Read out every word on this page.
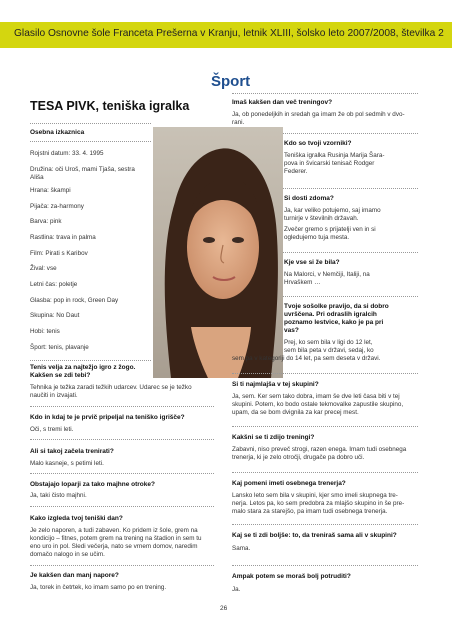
Glasilo Osnovne šole Franceta Prešerna v Kranju, letnik XLIII, šolsko leto 2007/2008, številka 2
Šport
TESA PIVK, teniška igralka
Osebna izkaznica
Rojstni datum: 33. 4. 1995
Družina: oči Uroš, mami Tjaša, sestra
Ališa
Hrana: škampi
Pijača: za-harmony
Barva: pink
Rastlina: trava in palma
Film: Pirati s Karibov
Žival: vse
Letni čas: poletje
Glasba: pop in rock, Green Day
Skupina: No Daut
Hobi: tenis
Šport: tenis, plavanje
Tenis velja za najtežjo igro z žogo.
Kakšen se zdi tebi?
Tehnika je težka zaradi težkih udarcev. Udarec se je težko
naučiti in izvajati.
Kdo in kdaj te je prvič pripeljal na teniško igrišče?
Oči, s tremi leti.
Ali si takoj začela trenirati?
Malo kasneje, s petimi leti.
Obstajajo loparji za tako majhne otroke?
Ja, taki čisto majhni.
Kako izgleda tvoj teniški dan?
Je zelo naporen, a tudi zabaven. Ko pridem iz šole, grem na
kondicijo – fitnes, potem grem na trening na štadion in sem tu
eno uro in pol. Sledi večerja, nato se vrnem domov, naredim
domačo nalogo in se učim.
Je kakšen dan manj napore?
Ja, torek in četrtek, ko imam samo po en trening.
Imaš kakšen dan več treningov?
Ja, ob ponedeljkih in sredah ga imam že ob pol sedmih v dvo-
rani.
Kdo so tvoji vzorniki?
Teniška igralka Rusinja Marija Šara-
pova in švicarski tenisač Rodger
Federer.
Si dosti zdoma?
Ja, kar veliko potujemo, saj imamo
turnirje v številnih državah.
Zvečer gremo s prijatelji ven in si
ogledujemo tuja mesta.
Kje vse si že bila?
Na Malorci, v Nemčiji, Italiji, na
Hrvaškem …
Tvoje sošolke pravijo, da si dobro
uvrščena. Pri odraslih igralcih
poznamo lestvice, kako je pa pri
vas?
Prej, ko sem bila v ligi do 12 let,
sem bila peta v državi, sedaj, ko
sem pa v kategoriji do 14 let, pa sem deseta v državi.
Si ti najmlajša v tej skupini?
Ja, sem. Ker sem tako dobra, imam še dve leti časa biti v tej
skupini. Potem, ko bodo ostale tekmovalke zapustile skupino,
upam, da se bom dvignila za kar precej mest.
Kakšni se ti zdijo treningi?
Zabavni, niso preveč strogi, razen enega. Imam tudi osebnega
trenerja, ki je zelo otročji, drugače pa dobro uči.
Kaj pomeni imeti osebnega trenerja?
Lansko leto sem bila v skupini, kjer smo imeli skupnega tre-
nerja. Letos pa, ko sem predobra za mlajšo skupino in še pre-
malo stara za starejšo, pa imam tudi osebnega trenerja.
Kaj se ti zdi boljše: to, da treniraš sama ali v skupini?
Sama.
Ampak potem se moraš bolj potruditi?
Ja.
26
